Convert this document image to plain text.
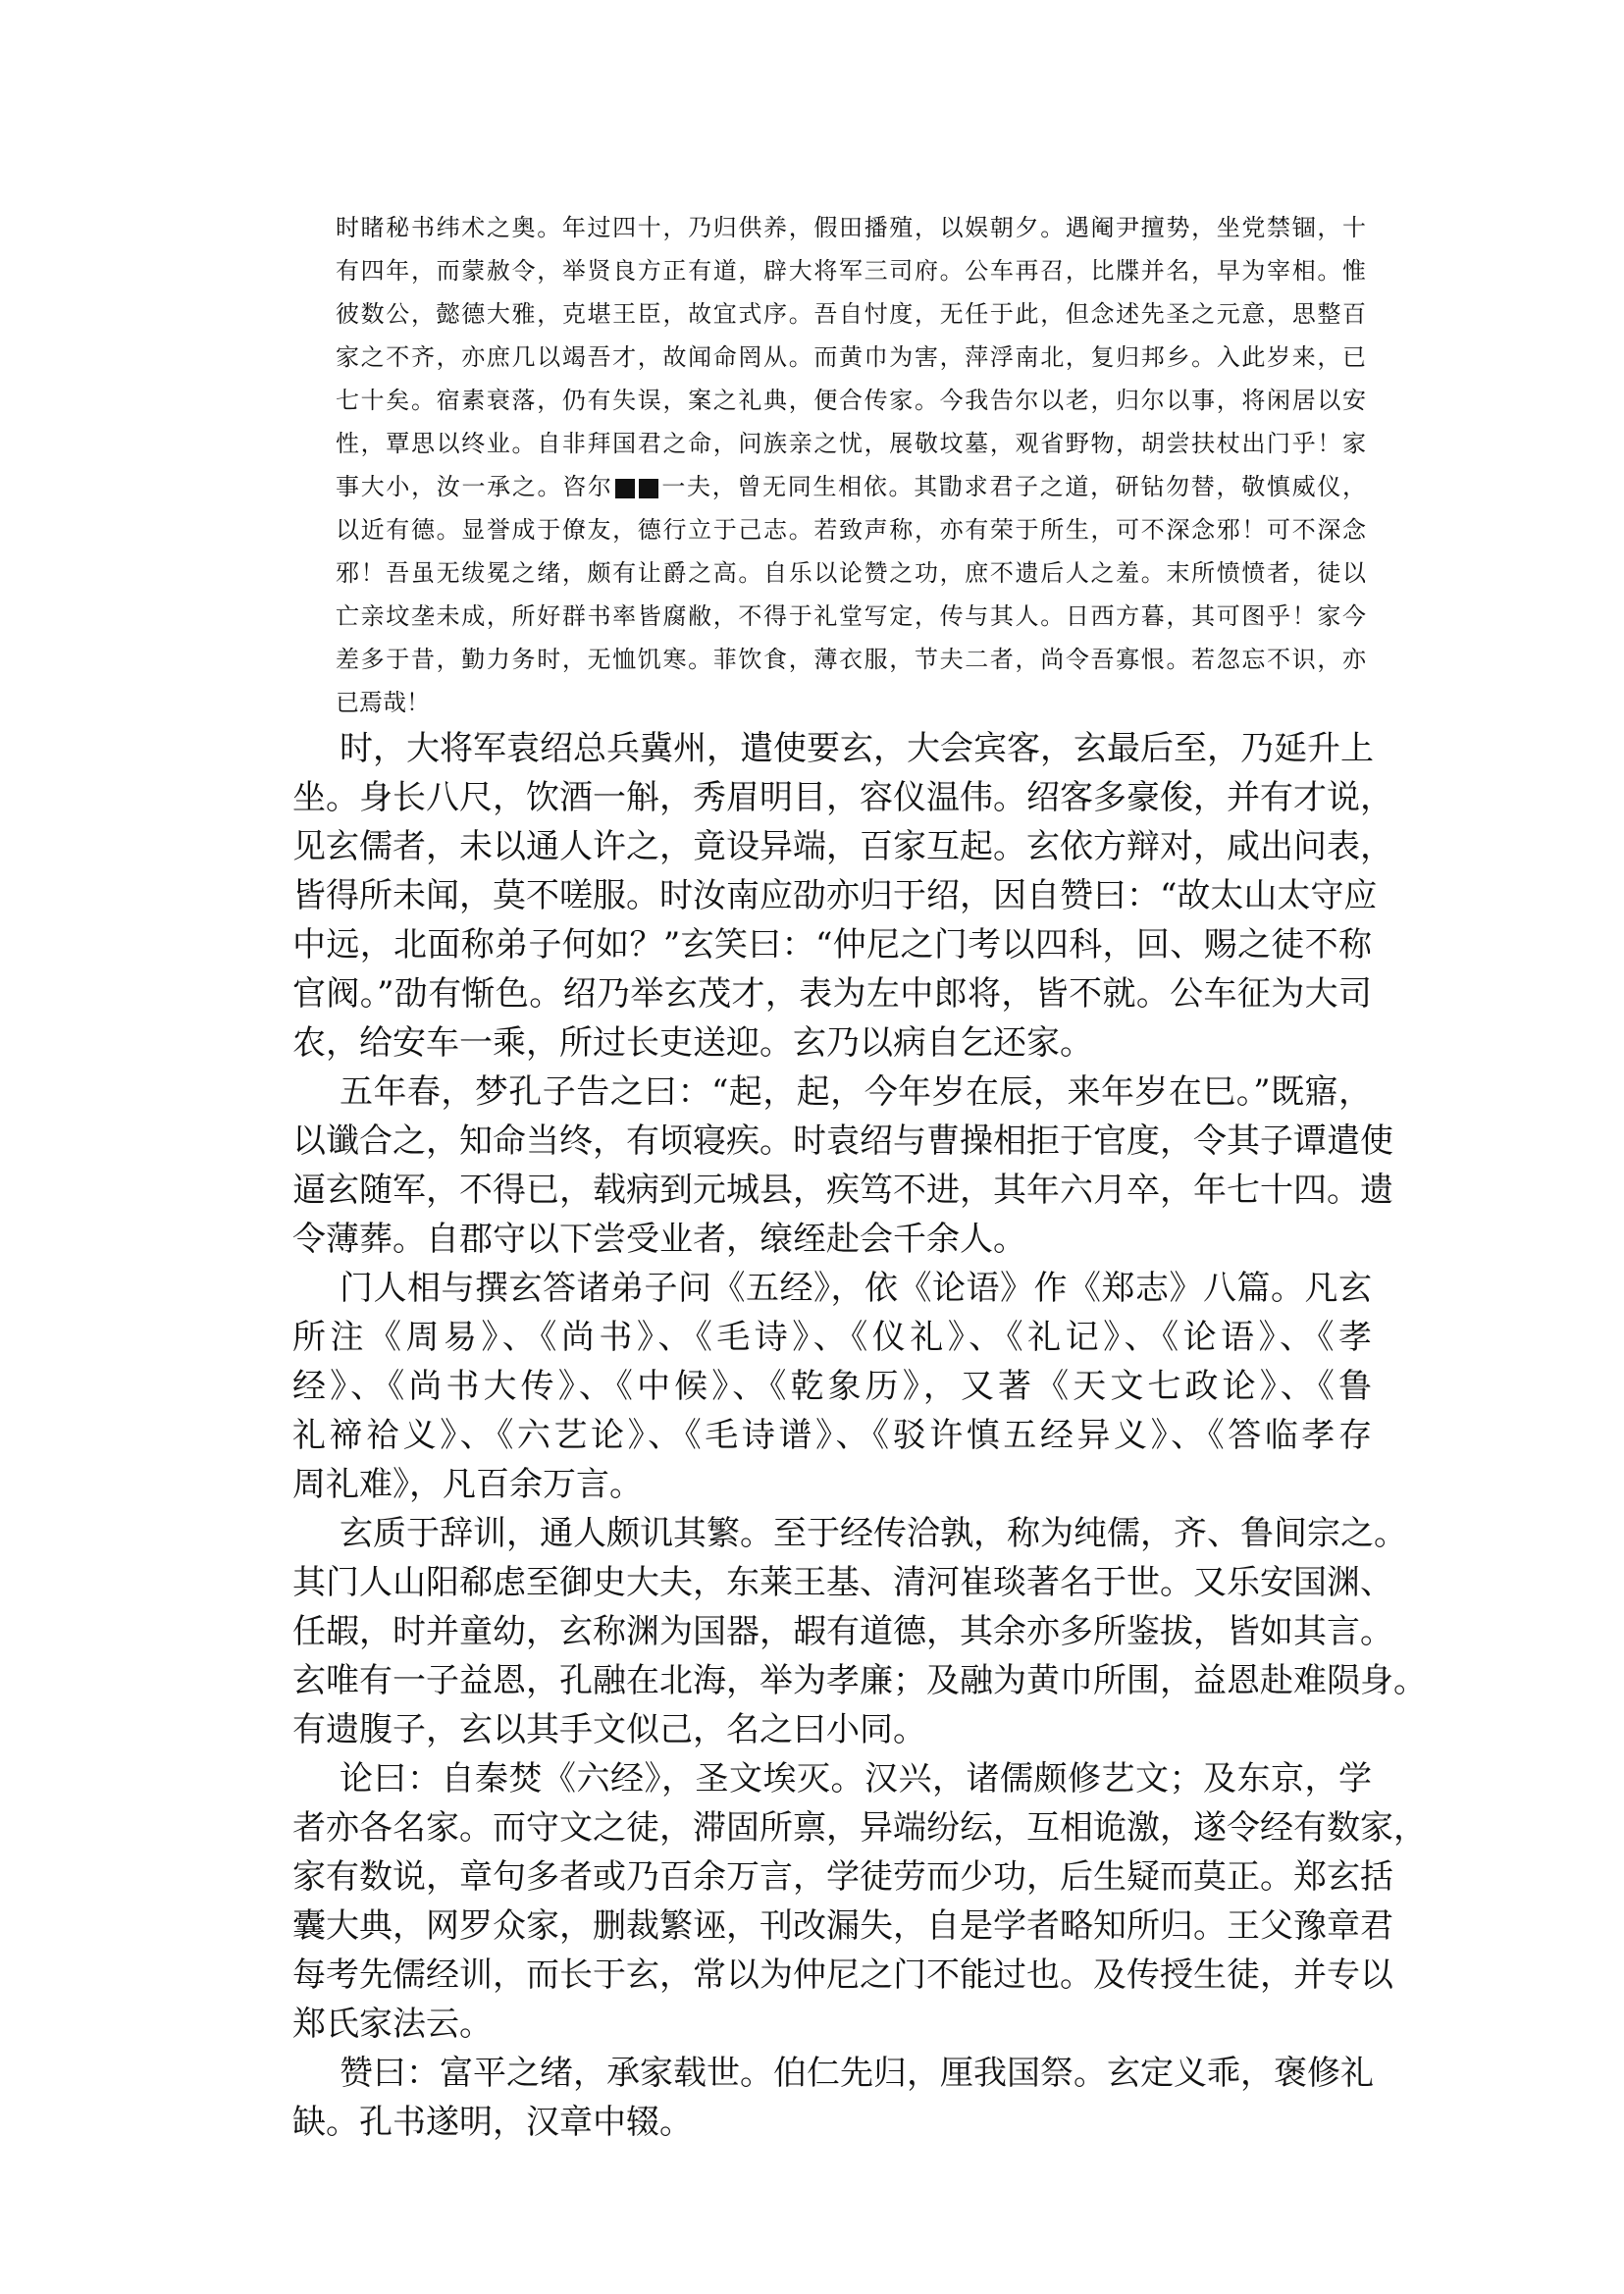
时睹秘书纬术之奥。年过四十，乃归供养，假田播殖，以娱朝夕。遇阉尹擅势，坐党禁锢，十
有四年，而蒙赦令，举贤良方正有道，辟大将军三司府。公车再召，比牒并名，早为宰相。惟
彼数公，懿德大雅，克堪王臣，故宜式序。吾自忖度，无任于此，但念述先圣之元意，思整百
家之不齐，亦庶几以竭吾才，故闻命罔从。而黄巾为害，萍浮南北，复归邦乡。入此岁来，已
七十矣。宿素衰落，仍有失误，案之礼典，便合传家。今我告尔以老，归尔以事，将闲居以安
性，覃思以终业。自非拜国君之命，问族亲之忧，展敬坟墓，观省野物，胡尝扶杖出门乎！家
事大小，汝一承之。咨尔 一夫，曾无同生相依。其勖求君子之道，研钻勿替，敬慎威仪，
以近有德。显誉成于僚友，德行立于己志。若致声称，亦有荣于所生，可不深念邪！可不深念
邪！吾虽无绂冕之绪，颇有让爵之高。自乐以论赞之功，庶不遗后人之羞。末所愤愤者，徒以
亡亲坟垄未成，所好群书率皆腐敝，不得于礼堂写定，传与其人。日西方暮，其可图乎！家今
差多于昔，勤力务时，无恤饥寒。菲饮食，薄衣服，节夫二者，尚令吾寡恨。若忽忘不识，亦
已焉哉！
时，大将军袁绍总兵冀州，遣使要玄，大会宾客，玄最后至，乃延升上
坐。身长八尺，饮酒一斛，秀眉明目，容仪温伟。绍客多豪俊，并有才说，
见玄儒者，未以通人许之，竟设异端，百家互起。玄依方辩对，咸出问表，
皆得所未闻，莫不嗟服。时汝南应劭亦归于绍，因自赞曰：“故太山太守应
中远，北面称弟子何如？”玄笑曰：“仲尼之门考以四科，回、赐之徒不称
官阀。”劭有惭色。绍乃举玄茂才，表为左中郎将，皆不就。公车征为大司
农，给安车一乘，所过长吏送迎。玄乃以病自乞还家。
五年春，梦孔子告之曰：“起，起，今年岁在辰，来年岁在巳。”既寤，
以谶合之，知命当终，有顷寝疾。时袁绍与曹操相拒于官度，令其子谭遣使
逼玄随军，不得已，载病到元城县，疾笃不进，其年六月卒，年七十四。遗
令薄葬。自郡守以下尝受业者，缞绖赴会千余人。
门人相与撰玄答诸弟子问《五经》，依《论语》作《郑志》八篇。凡玄
所注《周易》、《尚书》、《毛诗》、《仪礼》、《礼记》、《论语》、《孝
经》、《尚书大传》、《中候》、《乾象历》，又著《天文七政论》、《鲁
礼禘祫义》、《六艺论》、《毛诗谱》、《驳许慎五经异义》、《答临孝存
周礼难》，凡百余万言。
玄质于辞训，通人颇讥其繁。至于经传洽孰，称为纯儒，齐、鲁间宗之。
其门人山阳郗虑至御史大夫，东莱王基、清河崔琰著名于世。又乐安国渊、
任嘏，时并童幼，玄称渊为国器，嘏有道德，其余亦多所鉴拔，皆如其言。
玄唯有一子益恩，孔融在北海，举为孝廉；及融为黄巾所围，益恩赴难陨身。
有遗腹子，玄以其手文似己，名之曰小同。
论曰：自秦焚《六经》，圣文埃灭。汉兴，诸儒颇修艺文；及东京，学
者亦各名家。而守文之徒，滞固所禀，异端纷纭，互相诡激，遂令经有数家，
家有数说，章句多者或乃百余万言，学徒劳而少功，后生疑而莫正。郑玄括
囊大典，网罗众家，删裁繁诬，刊改漏失，自是学者略知所归。王父豫章君
每考先儒经训，而长于玄，常以为仲尼之门不能过也。及传授生徒，并专以
郑氏家法云。
赞曰：富平之绪，承家载世。伯仁先归，厘我国祭。玄定义乖，褒修礼
缺。孔书遂明，汉章中辍。
